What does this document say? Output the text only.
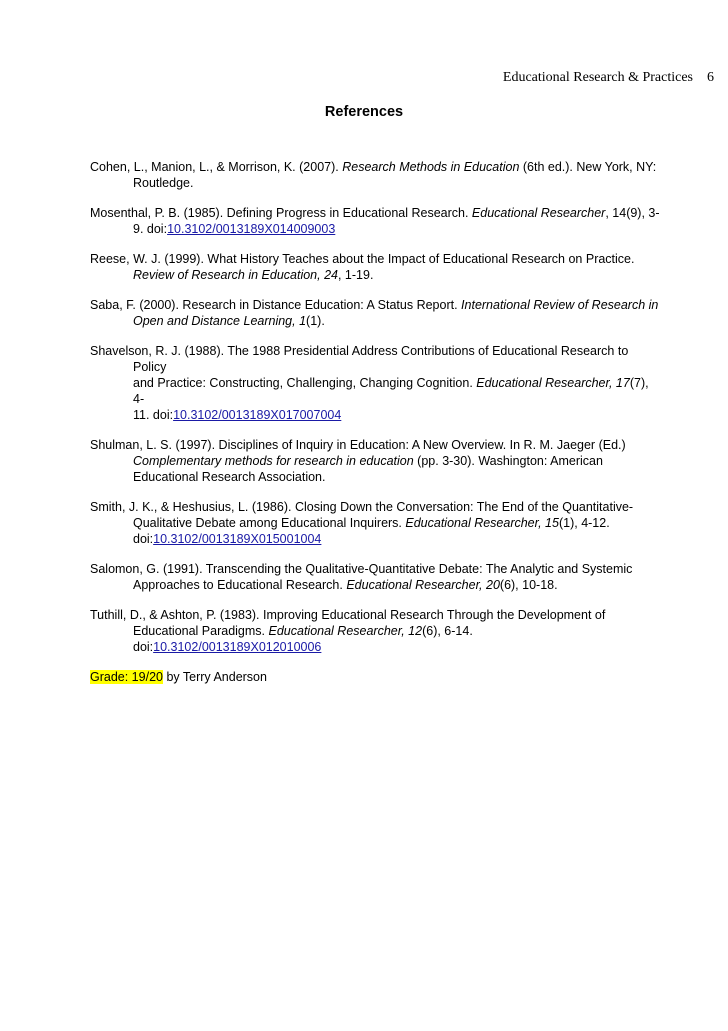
Educational Research & Practices 6
References

Cohen, L., Manion, L., & Morrison, K. (2007). Research Methods in Education (6th ed.). New York, NY:
Routledge.

Mosenthal, P. B. (1985). Defining Progress in Educational Research. Educational Researcher, 14(9), 3-
9. doi:10.3102/0013189X014009003

Reese, W. J. (1999). What History Teaches about the Impact of Educational Research on Practice.
Review of Research in Education, 24, 1-19.

Saba, F. (2000). Research in Distance Education: A Status Report. International Review of Research in
Open and Distance Learning, 1(1).

Shavelson, R. J. (1988). The 1988 Presidential Address Contributions of Educational Research to Policy
and Practice: Constructing, Challenging, Changing Cognition. Educational Researcher, 17(7), 4-
11. doi:10.3102/0013189X017007004

Shulman, L. S. (1997). Disciplines of Inquiry in Education: A New Overview. In R. M. Jaeger (Ed.)
Complementary methods for research in education (pp. 3-30). Washington: American
Educational Research Association.

Smith, J. K., & Heshusius, L. (1986). Closing Down the Conversation: The End of the Quantitative-
Qualitative Debate among Educational Inquirers. Educational Researcher, 15(1), 4-12.
doi:10.3102/0013189X015001004

Salomon, G. (1991). Transcending the Qualitative-Quantitative Debate: The Analytic and Systemic
Approaches to Educational Research. Educational Researcher, 20(6), 10-18.

Tuthill, D., & Ashton, P. (1983). Improving Educational Research Through the Development of
Educational Paradigms. Educational Researcher, 12(6), 6-14.
doi:10.3102/0013189X012010006

Grade: 19/20 by Terry Anderson
